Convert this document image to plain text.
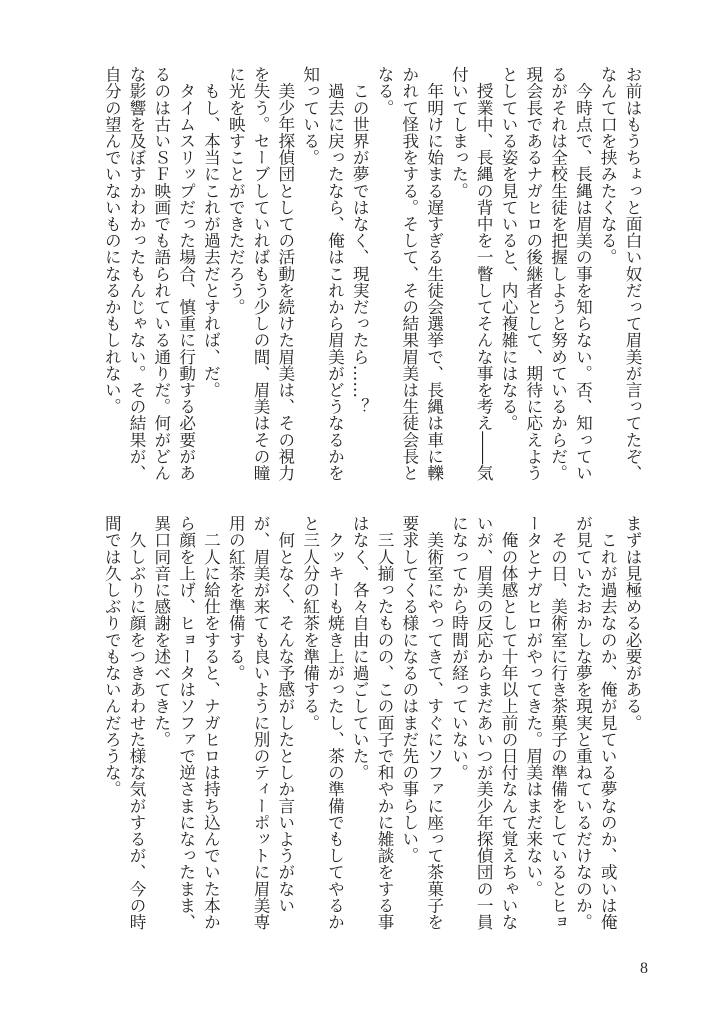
お前はもうちょっと面白い奴だって眉美が言ってたぞ、
なんて口を挟みたくなる。
　今時点で、長縄は眉美の事を知らない。否、知ってい
るがそれは全校生徒を把握しようと努めているからだ。
現会長であるナガヒロの後継者として、期待に応えよう
としている姿を見ていると、内心複雑にはなる。
　授業中、長縄の背中を一瞥してそんな事を考え――気
付いてしまった。
　年明けに始まる遅すぎる生徒会選挙で、長縄は車に轢
かれて怪我をする。そして、その結果眉美は生徒会長と
なる。
　この世界が夢ではなく、現実だったら……？
　過去に戻ったなら、俺はこれから眉美がどうなるかを
知っている。
　美少年探偵団としての活動を続けた眉美は、その視力
を失う。セーブしていればもう少しの間、眉美はその瞳
に光を映すことができただろう。
　もし、本当にこれが過去だとすれば、だ。
　タイムスリップだった場合、慎重に行動する必要があ
るのは古いＳＦ映画でも語られている通りだ。何がどん
な影響を及ぼすかわかったもんじゃない。その結果が、
自分の望んでいないものになるかもしれない。
まずは見極める必要がある。
　これが過去なのか、俺が見ている夢なのか、或いは俺
が見ていたおかしな夢を現実と重ねているだけなのか。
　その日、美術室に行き茶菓子の準備をしているとヒョ
ータとナガヒロがやってきた。眉美はまだ来ない。
　俺の体感として十年以上前の日付なんて覚えちゃいな
いが、眉美の反応からまだあいつが美少年探偵団の一員
になってから時間が経っていない。
　美術室にやってきて、すぐにソファに座って茶菓子を
要求してくる様になるのはまだ先の事らしい。
　三人揃ったものの、この面子で和やかに雑談をする事
はなく、各々自由に過ごしていた。
　クッキーも焼き上がったし、茶の準備でもしてやるか
と三人分の紅茶を準備する。
　何となく、そんな予感がしたとしか言いようがない
が、眉美が来ても良いように別のティーポットに眉美専
用の紅茶を準備する。
　二人に給仕をすると、ナガヒロは持ち込んでいた本か
ら顔を上げ、ヒョータはソファで逆さまになったまま、
異口同音に感謝を述べてきた。
　久しぶりに顔をつきあわせた様な気がするが、今の時
間では久しぶりでもないんだろうな。
8
